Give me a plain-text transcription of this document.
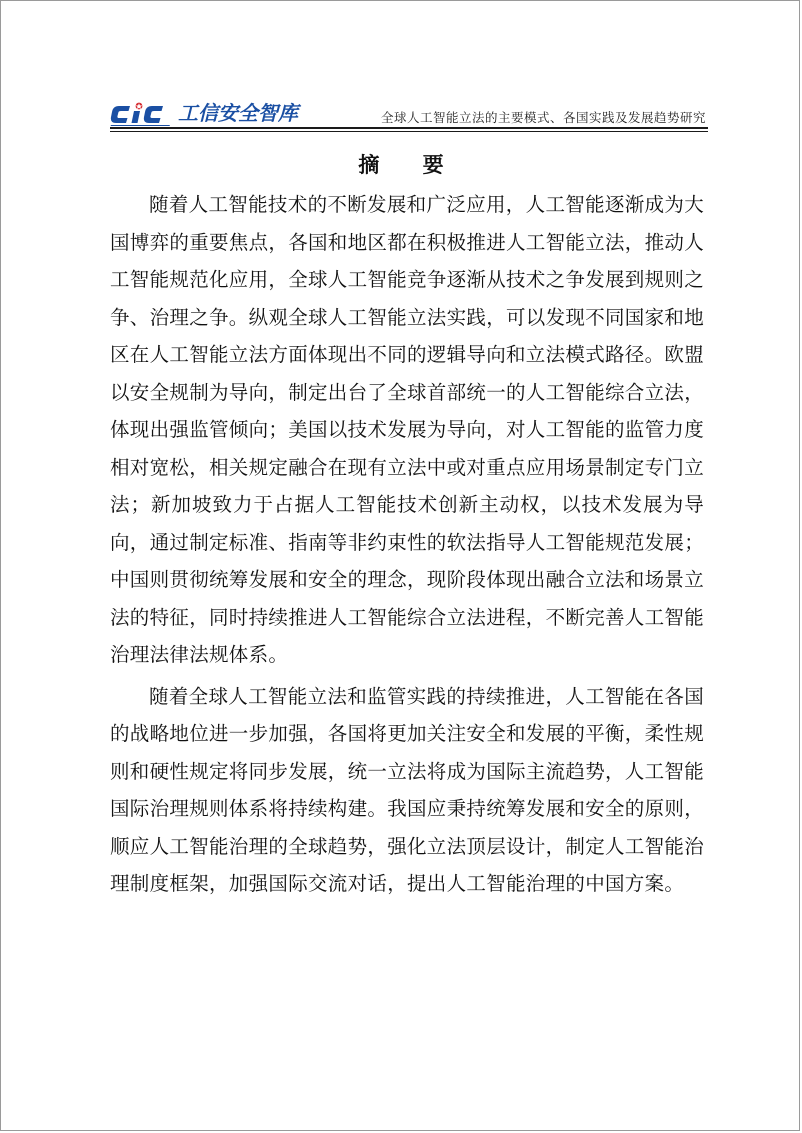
工信安全智库	全球人工智能立法的主要模式、各国实践及发展趋势研究
摘 要

随着人工智能技术的不断发展和广泛应用，人工智能逐渐成为大国博弈的重要焦点，各国和地区都在积极推进人工智能立法，推动人工智能规范化应用，全球人工智能竞争逐渐从技术之争发展到规则之争、治理之争。纵观全球人工智能立法实践，可以发现不同国家和地区在人工智能立法方面体现出不同的逻辑导向和立法模式路径。欧盟以安全规制为导向，制定出台了全球首部统一的人工智能综合立法，体现出强监管倾向；美国以技术发展为导向，对人工智能的监管力度相对宽松，相关规定融合在现有立法中或对重点应用场景制定专门立法；新加坡致力于占据人工智能技术创新主动权，以技术发展为导向，通过制定标准、指南等非约束性的软法指导人工智能规范发展；中国则贯彻统筹发展和安全的理念，现阶段体现出融合立法和场景立法的特征，同时持续推进人工智能综合立法进程，不断完善人工智能治理法律法规体系。

随着全球人工智能立法和监管实践的持续推进，人工智能在各国的战略地位进一步加强，各国将更加关注安全和发展的平衡，柔性规则和硬性规定将同步发展，统一立法将成为国际主流趋势，人工智能国际治理规则体系将持续构建。我国应秉持统筹发展和安全的原则，顺应人工智能治理的全球趋势，强化立法顶层设计，制定人工智能治理制度框架，加强国际交流对话，提出人工智能治理的中国方案。
